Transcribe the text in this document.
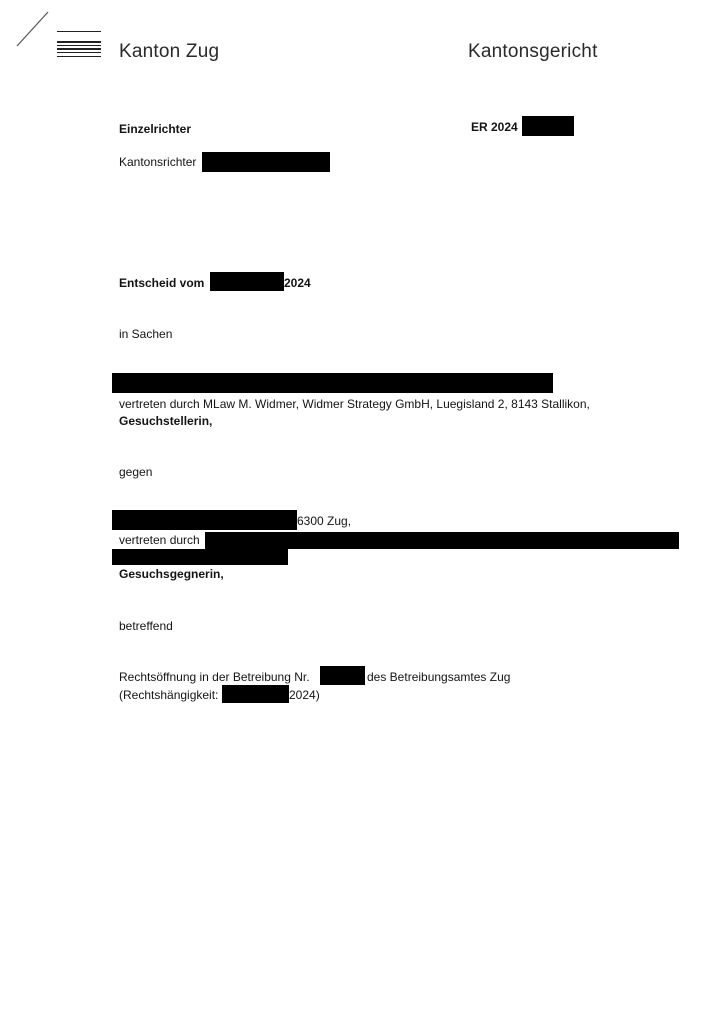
Kanton Zug	Kantonsgericht
Einzelrichter	ER 2024
Kantonsrichter
Entscheid vom	2024
in Sachen
vertreten durch MLaw M. Widmer, Widmer Strategy GmbH, Luegisland 2, 8143 Stallikon,
Gesuchstellerin,
gegen
6300 Zug,
vertreten durch
Gesuchsgegnerin,
betreffend
Rechtsöffnung in der Betreibung Nr.	des Betreibungsamtes Zug
(Rechtshängigkeit:	2024)
